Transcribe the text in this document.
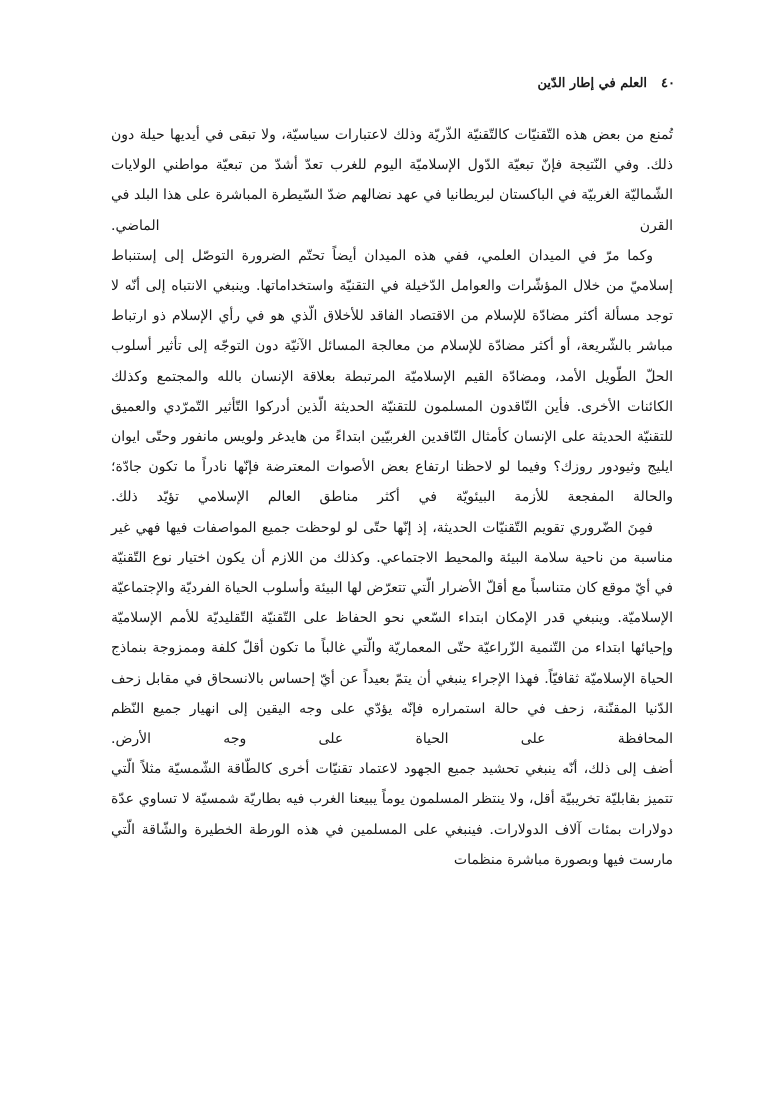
٤٠
العلم في إطار الدّين

تُمنع من بعض هذه التّقنيّات كالتّقنيّة الذّريّة وذلك لاعتبارات سياسيّة، ولا تبقى في أيديها حيلة دون ذلك. وفي النّتيجة فإنّ تبعيّة الدّول الإسلاميّة اليوم للغرب تعدّ أشدّ من تبعيّة مواطني الولايات الشّماليّة الغربيّة في الباكستان لبريطانيا في عهد نضالهم ضدّ السّيطرة المباشرة على هذا البلد في القرن الماضي.

وكما مرّ في الميدان العلمي، ففي هذه الميدان أيضاً تحتّم الضرورة التوصّل إلى إستنباط إسلاميّ من خلال المؤشّرات والعوامل الدّخيلة في التقنيّة واستخداماتها. وينبغي الانتباه إلى أنّه لا توجد مسألة أكثر مضادّة للإسلام من الاقتصاد الفاقد للأخلاق الّذي هو في رأي الإسلام ذو ارتباط مباشر بالشّريعة، أو أكثر مضادّة للإسلام من معالجة المسائل الآنيّة دون التوجّه إلى تأثير أسلوب الحلّ الطّويل الأمد، ومضادّة القيم الإسلاميّة المرتبطة بعلاقة الإنسان بالله والمجتمع وكذلك الكائنات الأخرى. فأين النّاقدون المسلمون للتقنيّة الحديثة الّذين أدركوا التّأثير التّمرّدي والعميق للتقنيّة الحديثة على الإنسان كأمثال النّاقدين الغربيّين ابتداءً من هايدغر ولويس مانفور وحتّى ايوان ايليج وثيودور روزك؟ وفيما لو لاحظنا ارتفاع بعض الأصوات المعترضة فإنّها نادراً ما تكون جادّة؛ والحالة المفجعة للأزمة البيئويّة في أكثر مناطق العالم الإسلامي تؤيّد ذلك.

فمِنَ الضّروري تقويم التّقنيّات الحديثة، إذ إنّها حتّى لو لوحظت جميع المواصفات فيها فهي غير مناسبة من ناحية سلامة البيئة والمحيط الاجتماعي. وكذلك من اللازم أن يكون اختيار نوع التّقنيّة في أيّ موقع كان متناسباً مع أقلّ الأضرار الّتي تتعرّض لها البيئة وأسلوب الحياة الفرديّة والإجتماعيّة الإسلاميّة. وينبغي قدر الإمكان ابتداء السّعي نحو الحفاظ على التّقنيّة التّقليديّة للأمم الإسلاميّة وإحيائها ابتداء من التّنمية الزّراعيّة حتّى المعماريّة والّتي غالباً ما تكون أقلّ كلفة وممزوجة بنماذج الحياة الإسلاميّة ثقافيّاً. فهذا الإجراء ينبغي أن يتمّ بعيداً عن أيّ إحساس بالانسحاق في مقابل زحف الدّنيا المقنّنة، زحف في حالة استمراره فإنّه يؤدّي على وجه اليقين إلى انهيار جميع النّظم المحافظة على الحياة على وجه الأرض.

أضف إلى ذلك، أنّه ينبغي تحشيد جميع الجهود لاعتماد تقنيّات أخرى كالطّاقة الشّمسيّة مثلاً الّتي تتميز بقابليّة تخريبيّة أقل، ولا ينتظر المسلمون يوماً يبيعنا الغرب فيه بطاريّة شمسيّة لا تساوي عدّة دولارات بمئات آلاف الدولارات. فينبغي على المسلمين في هذه الورطة الخطيرة والشّاقة الّتي مارست فيها وبصورة مباشرة منظمات
